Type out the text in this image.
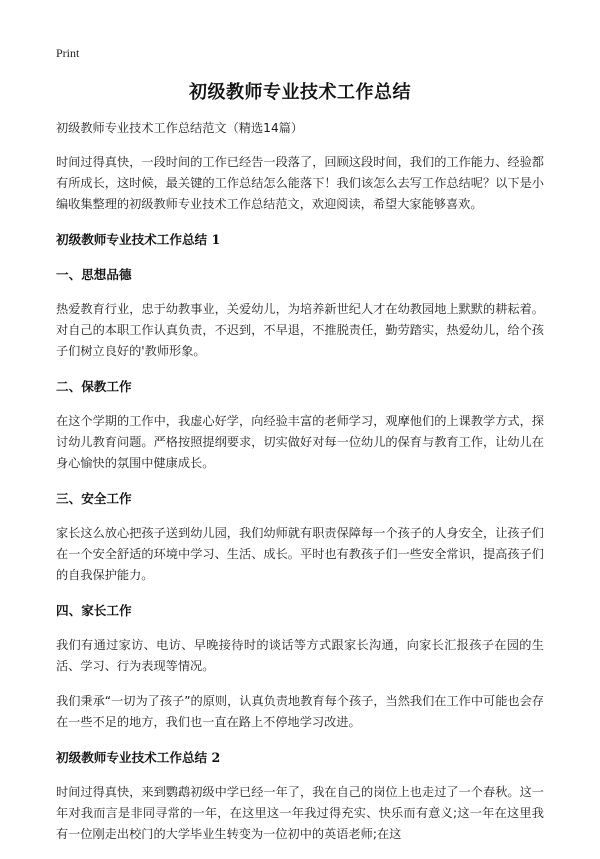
Print
初级教师专业技术工作总结

初级教师专业技术工作总结范文（精选14篇）

时间过得真快，一段时间的工作已经告一段落了，回顾这段时间，我们的工作能力、经验都有所成长，这时候，最关键的工作总结怎么能落下！我们该怎么去写工作总结呢？以下是小编收集整理的初级教师专业技术工作总结范文，欢迎阅读，希望大家能够喜欢。

初级教师专业技术工作总结 1

一、思想品德

热爱教育行业，忠于幼教事业，关爱幼儿，为培养新世纪人才在幼教园地上默默的耕耘着。对自己的本职工作认真负责，不迟到，不早退，不推脱责任，勤劳踏实，热爱幼儿，给个孩子们树立良好的'教师形象。

二、保教工作

在这个学期的工作中，我虚心好学，向经验丰富的老师学习，观摩他们的上课教学方式，探讨幼儿教育问题。严格按照提纲要求，切实做好对每一位幼儿的保育与教育工作，让幼儿在身心愉快的氛围中健康成长。

三、安全工作

家长这么放心把孩子送到幼儿园，我们幼师就有职责保障每一个孩子的人身安全，让孩子们在一个安全舒适的环境中学习、生活、成长。平时也有教孩子们一些安全常识，提高孩子们的自我保护能力。

四、家长工作

我们有通过家访、电访、早晚接待时的谈话等方式跟家长沟通，向家长汇报孩子在园的生活、学习、行为表现等情况。

我们秉承“一切为了孩子”的原则，认真负责地教育每个孩子，当然我们在工作中可能也会存在一些不足的地方，我们也一直在路上不停地学习改进。

初级教师专业技术工作总结 2

时间过得真快，来到鹦鹉初级中学已经一年了，我在自己的岗位上也走过了一个春秋。这一年对我而言是非同寻常的一年，在这里这一年我过得充实、快乐而有意义;这一年在这里我有一位刚走出校门的大学毕业生转变为一位初中的英语老师;在这
